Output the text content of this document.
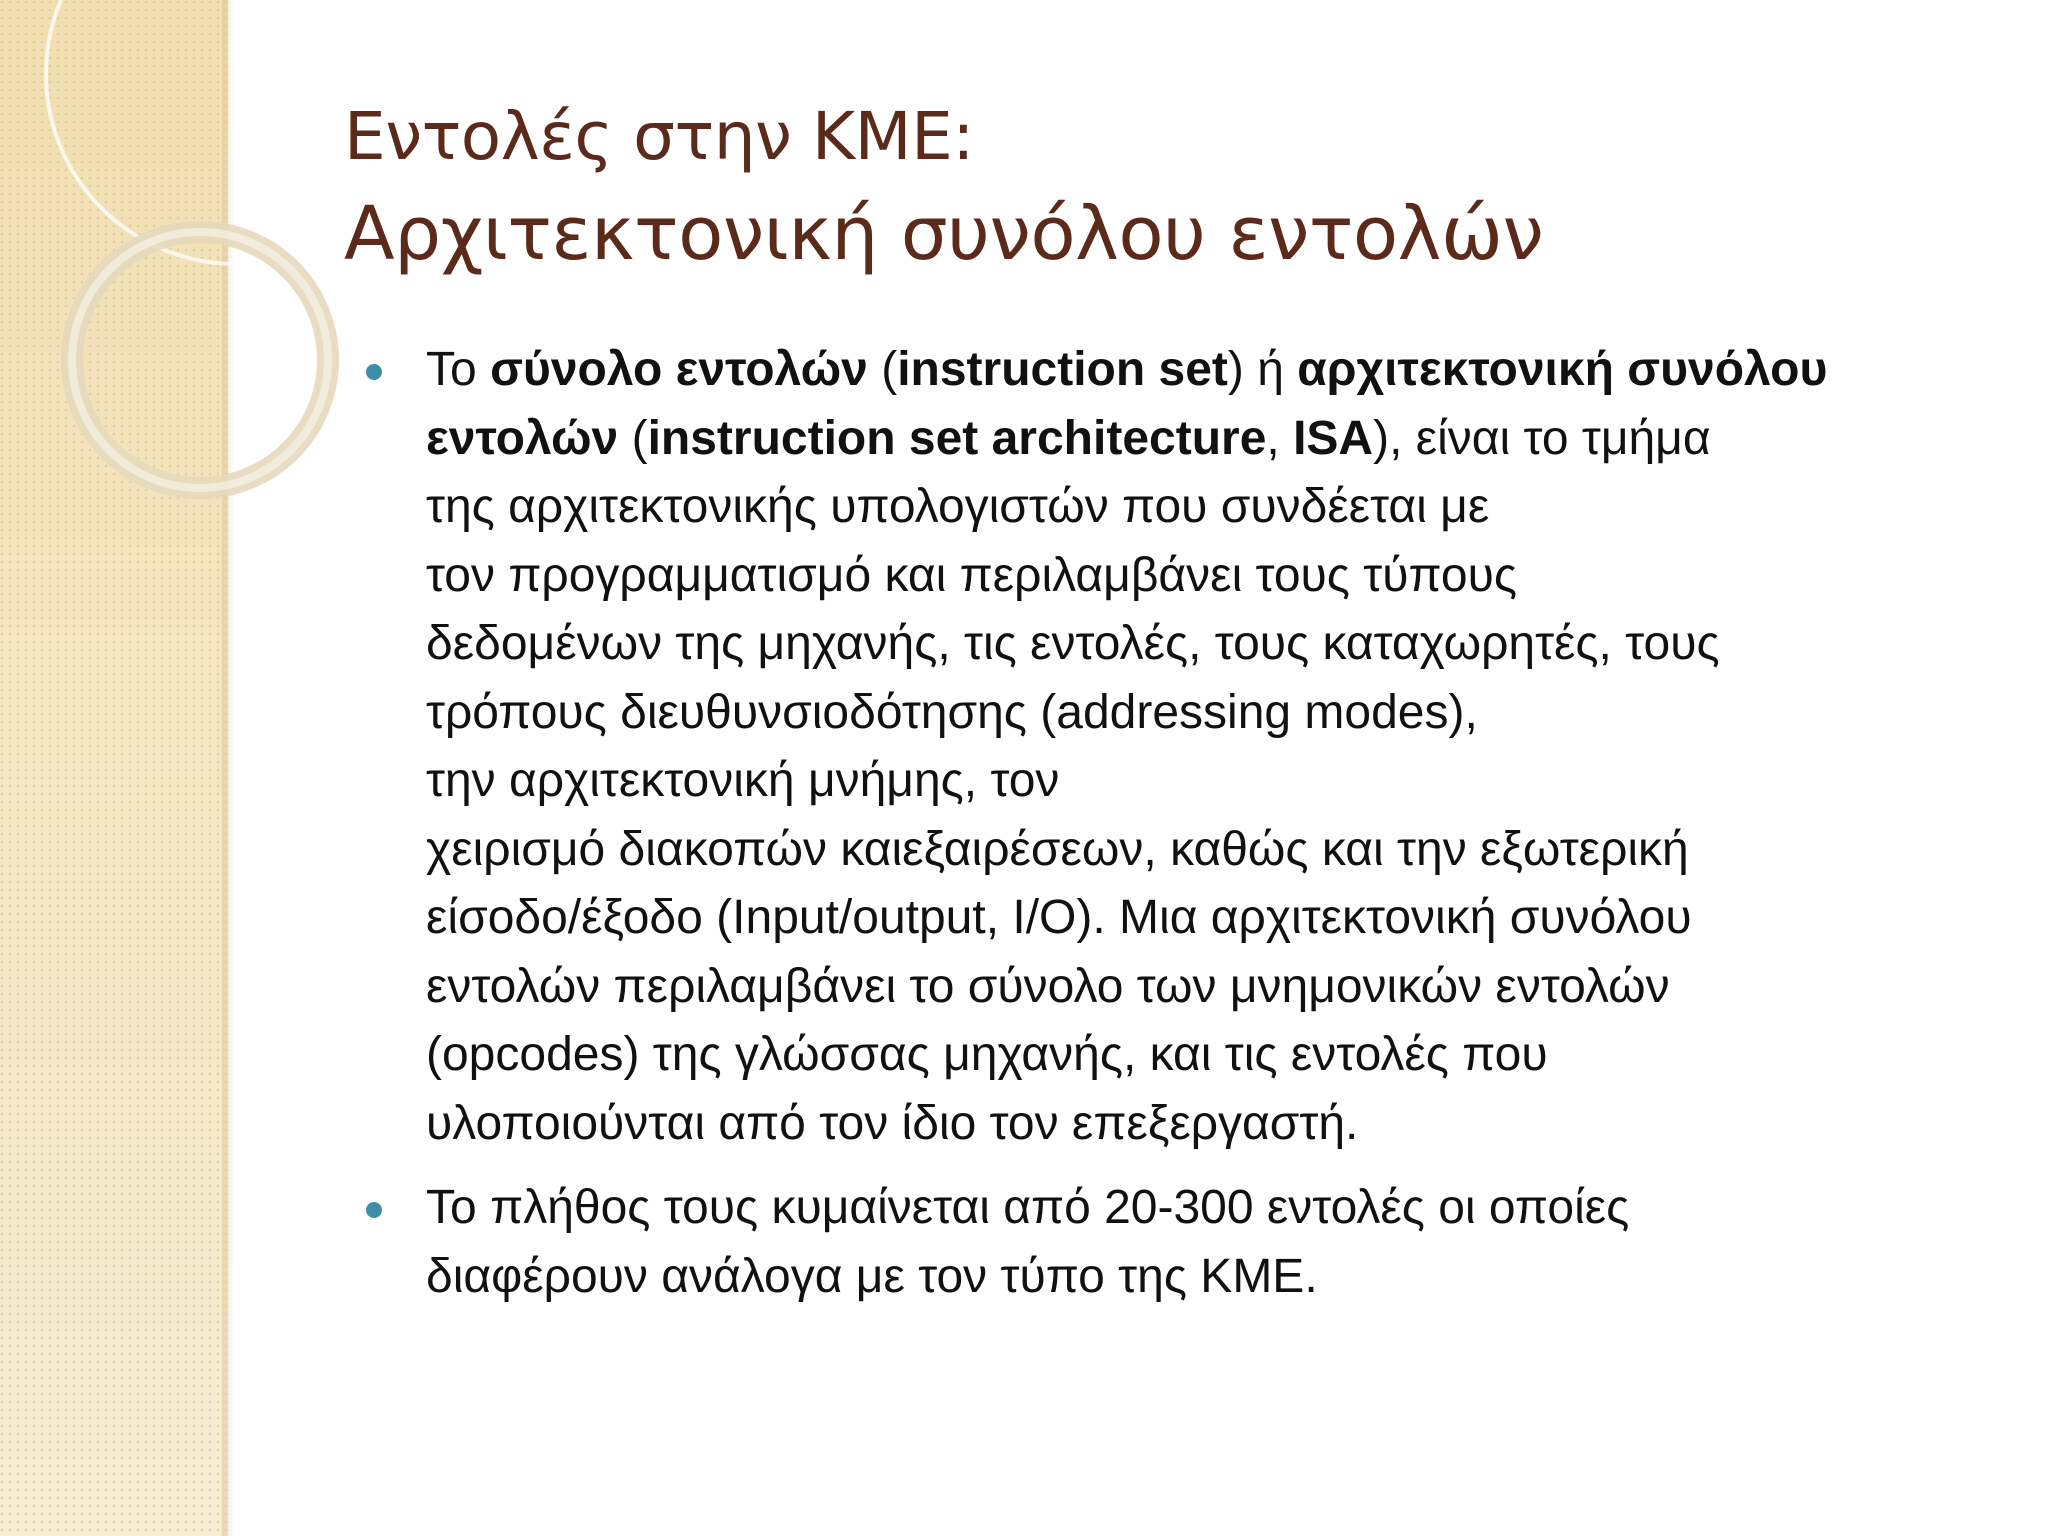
Εντολές στην ΚΜΕ:
Αρχιτεκτονική συνόλου εντολών
Το σύνολο εντολών (instruction set) ή αρχιτεκτονική συνόλου
εντολών (instruction set architecture, ISA), είναι το τμήμα
της αρχιτεκτονικής υπολογιστών που συνδέεται με
τον προγραμματισμό και περιλαμβάνει τους τύπους
δεδομένων της μηχανής, τις εντολές, τους καταχωρητές, τους
τρόπους διευθυνσιοδότησης (addressing modes),
την αρχιτεκτονική μνήμης, τον
χειρισμό διακοπών καιεξαιρέσεων, καθώς και την εξωτερική
είσοδο/έξοδο (Input/output, I/O). Μια αρχιτεκτονική συνόλου
εντολών περιλαμβάνει το σύνολο των μνημονικών εντολών
(opcodes) της γλώσσας μηχανής, και τις εντολές που
υλοποιούνται από τον ίδιο τον επεξεργαστή.
Το πλήθος τους κυμαίνεται από 20-300 εντολές οι οποίες
διαφέρουν ανάλογα με τον τύπο της ΚΜΕ.
